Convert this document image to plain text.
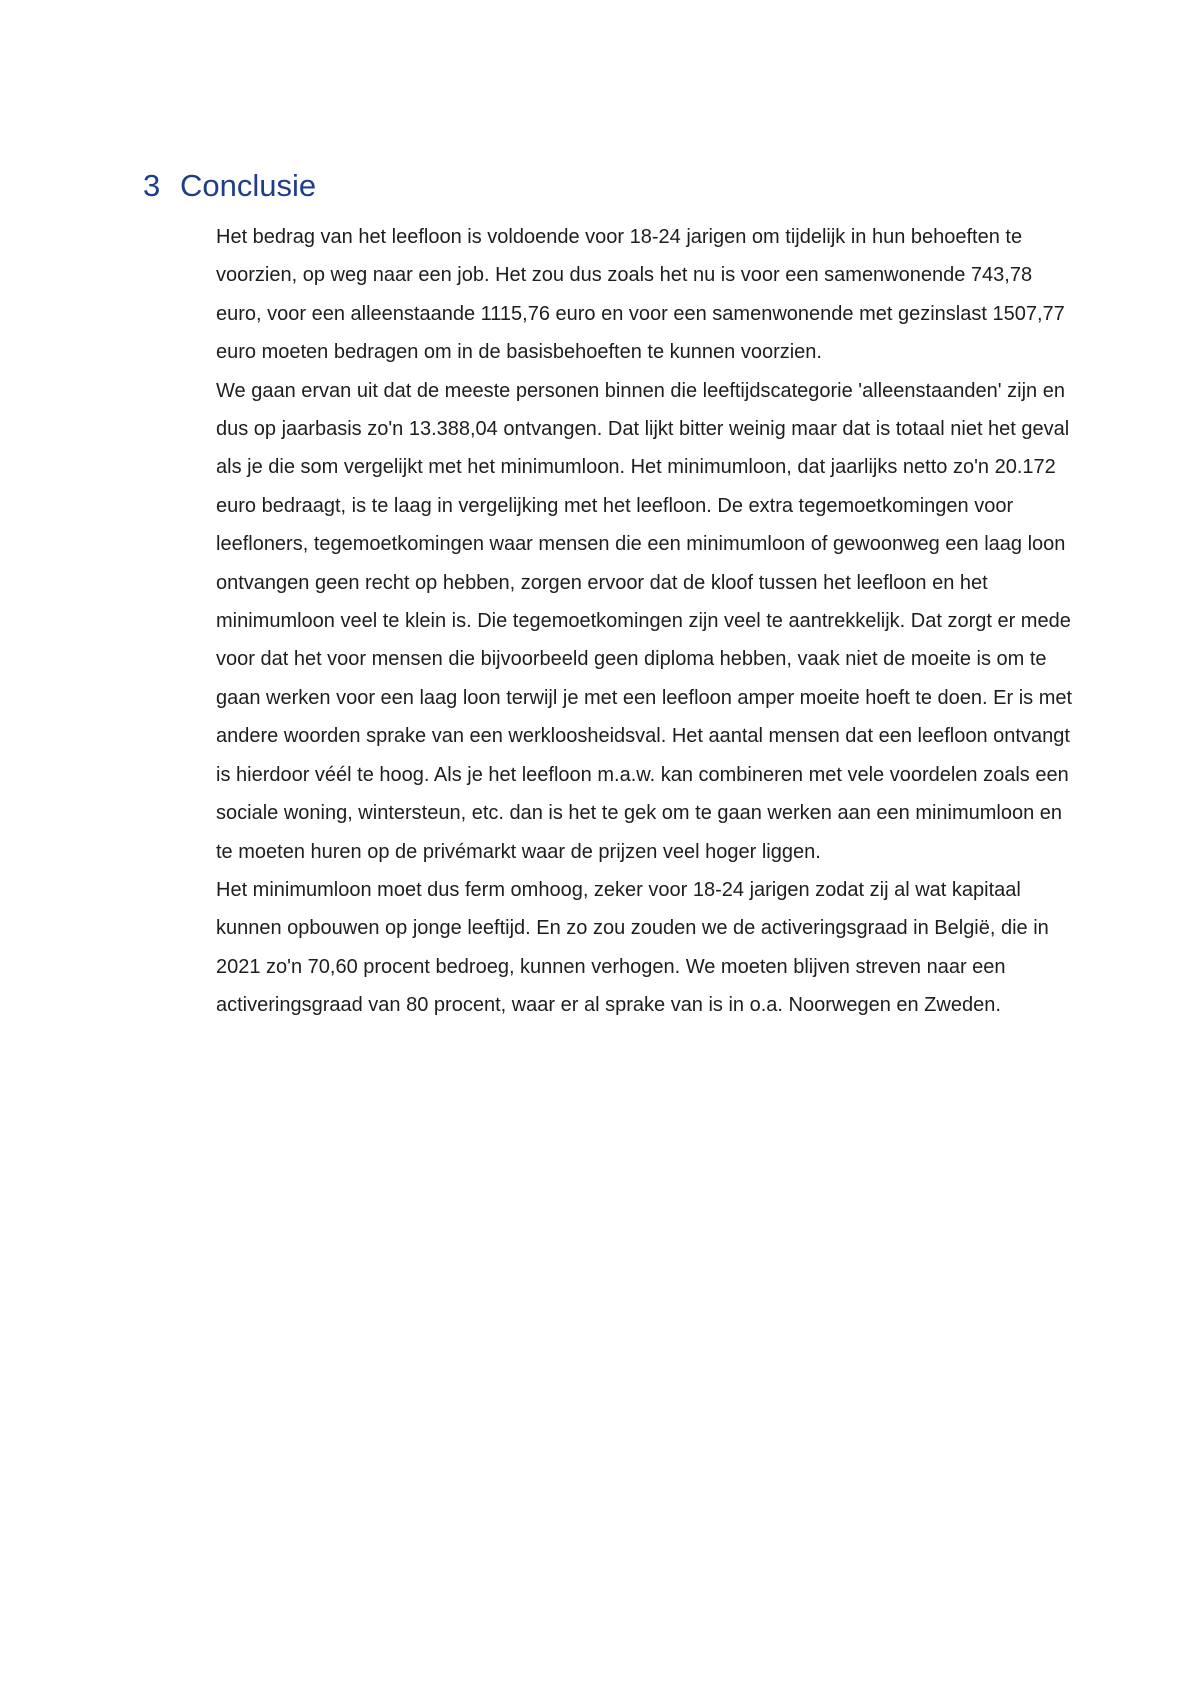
3 Conclusie

Het bedrag van het leefloon is voldoende voor 18-24 jarigen om tijdelijk in hun behoeften te voorzien, op weg naar een job. Het zou dus zoals het nu is voor een samenwonende 743,78 euro, voor een alleenstaande 1115,76 euro en voor een samenwonende met gezinslast 1507,77 euro moeten bedragen om in de basisbehoeften te kunnen voorzien.

We gaan ervan uit dat de meeste personen binnen die leeftijdscategorie 'alleenstaanden' zijn en dus op jaarbasis zo'n 13.388,04 ontvangen. Dat lijkt bitter weinig maar dat is totaal niet het geval als je die som vergelijkt met het minimumloon. Het minimumloon, dat jaarlijks netto zo'n 20.172 euro bedraagt, is te laag in vergelijking met het leefloon. De extra tegemoetkomingen voor leefloners, tegemoetkomingen waar mensen die een minimumloon of gewoonweg een laag loon ontvangen geen recht op hebben, zorgen ervoor dat de kloof tussen het leefloon en het minimumloon veel te klein is. Die tegemoetkomingen zijn veel te aantrekkelijk. Dat zorgt er mede voor dat het voor mensen die bijvoorbeeld geen diploma hebben, vaak niet de moeite is om te gaan werken voor een laag loon terwijl je met een leefloon amper moeite hoeft te doen. Er is met andere woorden sprake van een werkloosheidsval. Het aantal mensen dat een leefloon ontvangt is hierdoor véél te hoog. Als je het leefloon m.a.w. kan combineren met vele voordelen zoals een sociale woning, wintersteun, etc. dan is het te gek om te gaan werken aan een minimumloon en te moeten huren op de privémarkt waar de prijzen veel hoger liggen.

Het minimumloon moet dus ferm omhoog, zeker voor 18-24 jarigen zodat zij al wat kapitaal kunnen opbouwen op jonge leeftijd. En zo zou zouden we de activeringsgraad in België, die in 2021 zo'n 70,60 procent bedroeg, kunnen verhogen. We moeten blijven streven naar een activeringsgraad van 80 procent, waar er al sprake van is in o.a. Noorwegen en Zweden.
